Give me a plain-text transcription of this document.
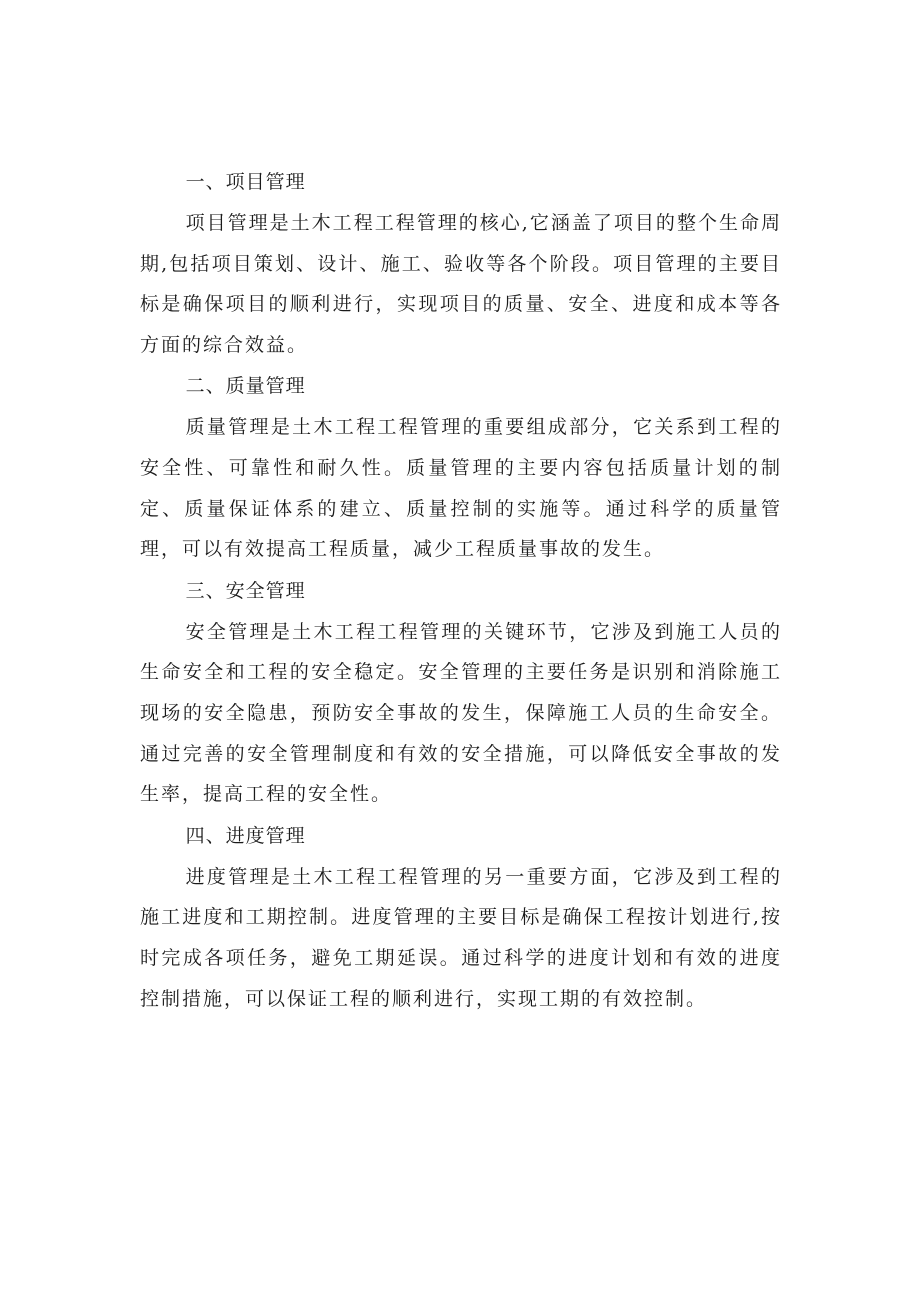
一、项目管理

项目管理是土木工程工程管理的核心,它涵盖了项目的整个生命周期,包括项目策划、设计、施工、验收等各个阶段。项目管理的主要目标是确保项目的顺利进行，实现项目的质量、安全、进度和成本等各方面的综合效益。

二、质量管理

质量管理是土木工程工程管理的重要组成部分，它关系到工程的安全性、可靠性和耐久性。质量管理的主要内容包括质量计划的制定、质量保证体系的建立、质量控制的实施等。通过科学的质量管理，可以有效提高工程质量，减少工程质量事故的发生。

三、安全管理

安全管理是土木工程工程管理的关键环节，它涉及到施工人员的生命安全和工程的安全稳定。安全管理的主要任务是识别和消除施工现场的安全隐患，预防安全事故的发生，保障施工人员的生命安全。通过完善的安全管理制度和有效的安全措施，可以降低安全事故的发生率，提高工程的安全性。

四、进度管理

进度管理是土木工程工程管理的另一重要方面，它涉及到工程的施工进度和工期控制。进度管理的主要目标是确保工程按计划进行,按时完成各项任务，避免工期延误。通过科学的进度计划和有效的进度控制措施，可以保证工程的顺利进行，实现工期的有效控制。
